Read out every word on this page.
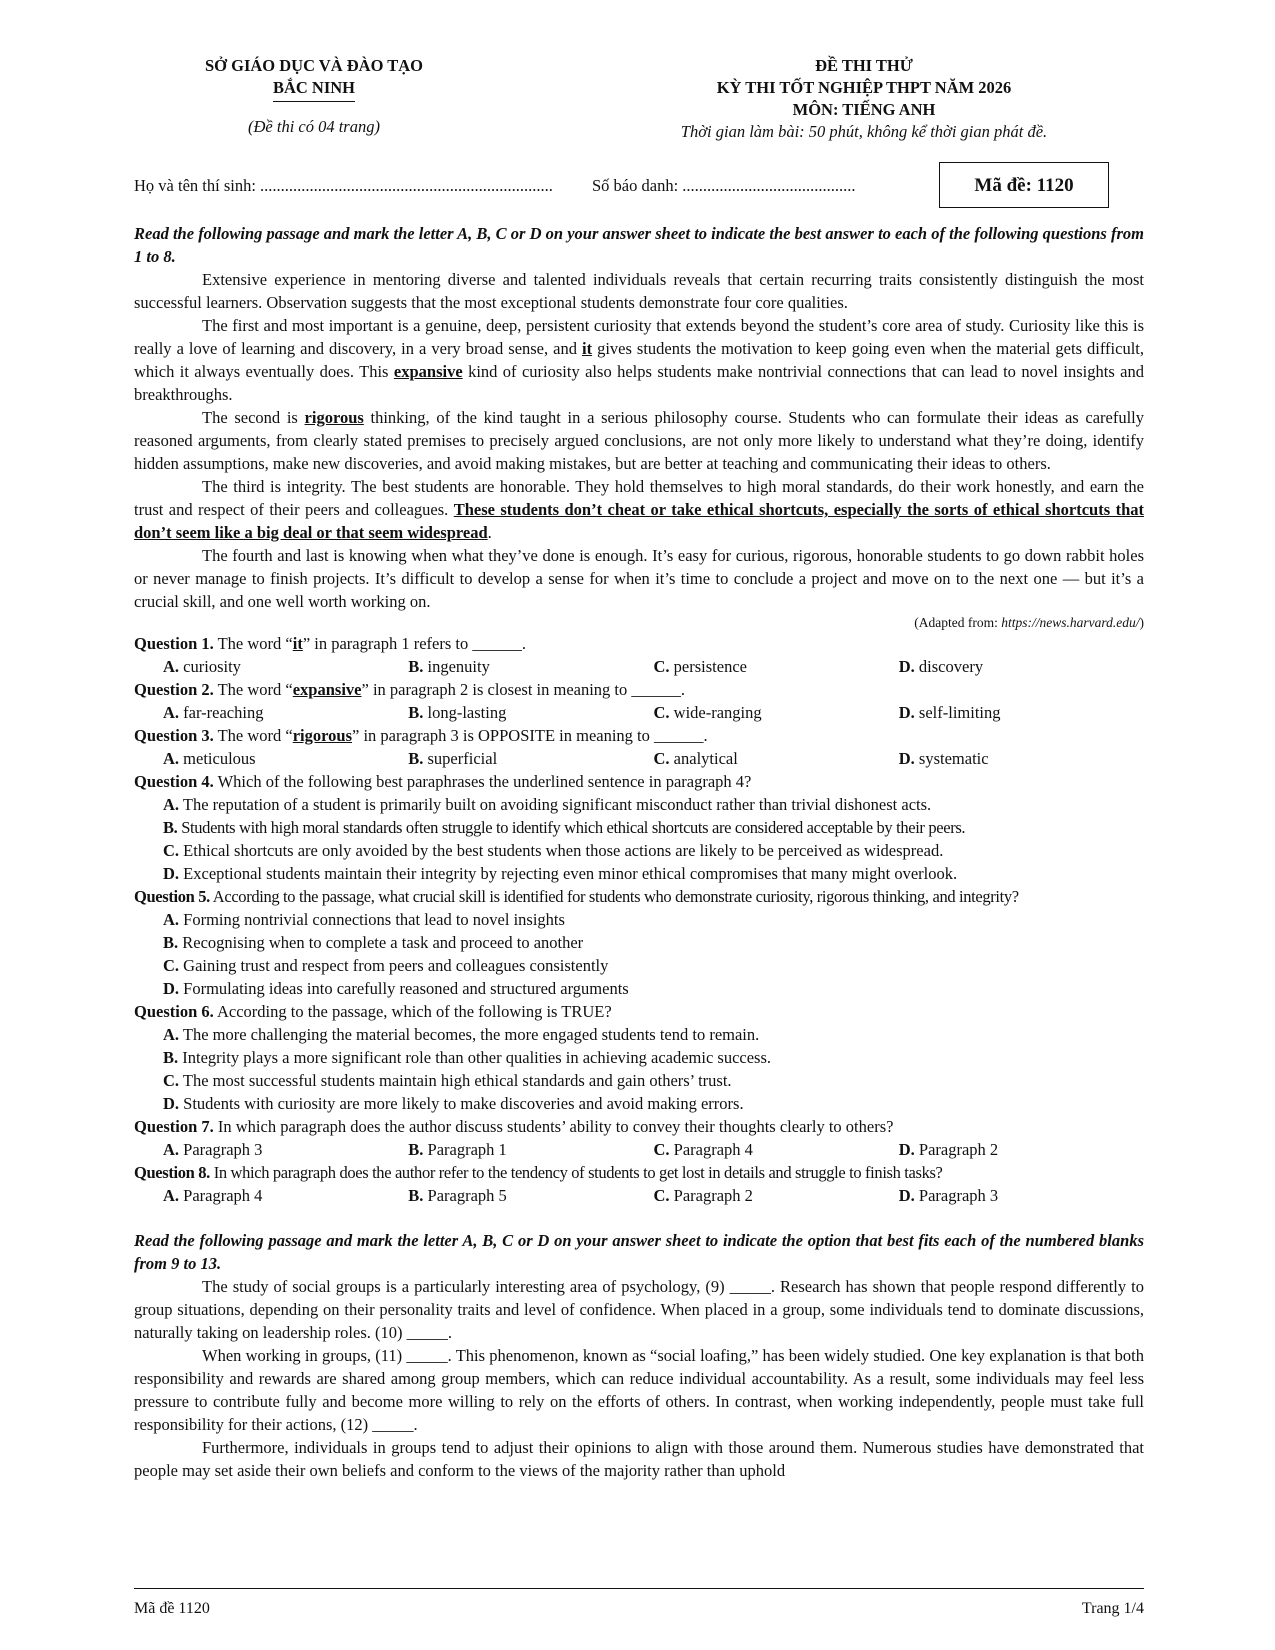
SỞ GIÁO DỤC VÀ ĐÀO TẠO
BẮC NINH
(Đề thi có 04 trang)
ĐỀ THI THỬ
KỲ THI TỐT NGHIỆP THPT NĂM 2026
MÔN: TIẾNG ANH
Thời gian làm bài: 50 phút, không kể thời gian phát đề.
Họ và tên thí sinh: ....................................................................... Số báo danh: ..........................................	Mã đề: 1120
Read the following passage and mark the letter A, B, C or D on your answer sheet to indicate the best answer to each of the following questions from 1 to 8.
Extensive experience in mentoring diverse and talented individuals reveals that certain recurring traits consistently distinguish the most successful learners. Observation suggests that the most exceptional students demonstrate four core qualities.
The first and most important is a genuine, deep, persistent curiosity that extends beyond the student’s core area of study. Curiosity like this is really a love of learning and discovery, in a very broad sense, and it gives students the motivation to keep going even when the material gets difficult, which it always eventually does. This expansive kind of curiosity also helps students make nontrivial connections that can lead to novel insights and breakthroughs.
The second is rigorous thinking, of the kind taught in a serious philosophy course. Students who can formulate their ideas as carefully reasoned arguments, from clearly stated premises to precisely argued conclusions, are not only more likely to understand what they’re doing, identify hidden assumptions, make new discoveries, and avoid making mistakes, but are better at teaching and communicating their ideas to others.
The third is integrity. The best students are honorable. They hold themselves to high moral standards, do their work honestly, and earn the trust and respect of their peers and colleagues. These students don’t cheat or take ethical shortcuts, especially the sorts of ethical shortcuts that don’t seem like a big deal or that seem widespread.
The fourth and last is knowing when what they’ve done is enough. It’s easy for curious, rigorous, honorable students to go down rabbit holes or never manage to finish projects. It’s difficult to develop a sense for when it’s time to conclude a project and move on to the next one — but it’s a crucial skill, and one well worth working on.
(Adapted from: https://news.harvard.edu/)
Question 1. The word “it” in paragraph 1 refers to ______.
A. curiosity	B. ingenuity	C. persistence	D. discovery
Question 2. The word “expansive” in paragraph 2 is closest in meaning to ______.
A. far-reaching	B. long-lasting	C. wide-ranging	D. self-limiting
Question 3. The word “rigorous” in paragraph 3 is OPPOSITE in meaning to ______.
A. meticulous	B. superficial	C. analytical	D. systematic
Question 4. Which of the following best paraphrases the underlined sentence in paragraph 4?
A. The reputation of a student is primarily built on avoiding significant misconduct rather than trivial dishonest acts.
B. Students with high moral standards often struggle to identify which ethical shortcuts are considered acceptable by their peers.
C. Ethical shortcuts are only avoided by the best students when those actions are likely to be perceived as widespread.
D. Exceptional students maintain their integrity by rejecting even minor ethical compromises that many might overlook.
Question 5. According to the passage, what crucial skill is identified for students who demonstrate curiosity, rigorous thinking, and integrity?
A. Forming nontrivial connections that lead to novel insights
B. Recognising when to complete a task and proceed to another
C. Gaining trust and respect from peers and colleagues consistently
D. Formulating ideas into carefully reasoned and structured arguments
Question 6. According to the passage, which of the following is TRUE?
A. The more challenging the material becomes, the more engaged students tend to remain.
B. Integrity plays a more significant role than other qualities in achieving academic success.
C. The most successful students maintain high ethical standards and gain others’ trust.
D. Students with curiosity are more likely to make discoveries and avoid making errors.
Question 7. In which paragraph does the author discuss students’ ability to convey their thoughts clearly to others?
A. Paragraph 3	B. Paragraph 1	C. Paragraph 4	D. Paragraph 2
Question 8. In which paragraph does the author refer to the tendency of students to get lost in details and struggle to finish tasks?
A. Paragraph 4	B. Paragraph 5	C. Paragraph 2	D. Paragraph 3
Read the following passage and mark the letter A, B, C or D on your answer sheet to indicate the option that best fits each of the numbered blanks from 9 to 13.
The study of social groups is a particularly interesting area of psychology, (9) _____. Research has shown that people respond differently to group situations, depending on their personality traits and level of confidence. When placed in a group, some individuals tend to dominate discussions, naturally taking on leadership roles. (10) _____.
When working in groups, (11) _____. This phenomenon, known as “social loafing,” has been widely studied. One key explanation is that both responsibility and rewards are shared among group members, which can reduce individual accountability. As a result, some individuals may feel less pressure to contribute fully and become more willing to rely on the efforts of others. In contrast, when working independently, people must take full responsibility for their actions, (12) _____.
Furthermore, individuals in groups tend to adjust their opinions to align with those around them. Numerous studies have demonstrated that people may set aside their own beliefs and conform to the views of the majority rather than uphold
Mã đề 1120	Trang 1/4
